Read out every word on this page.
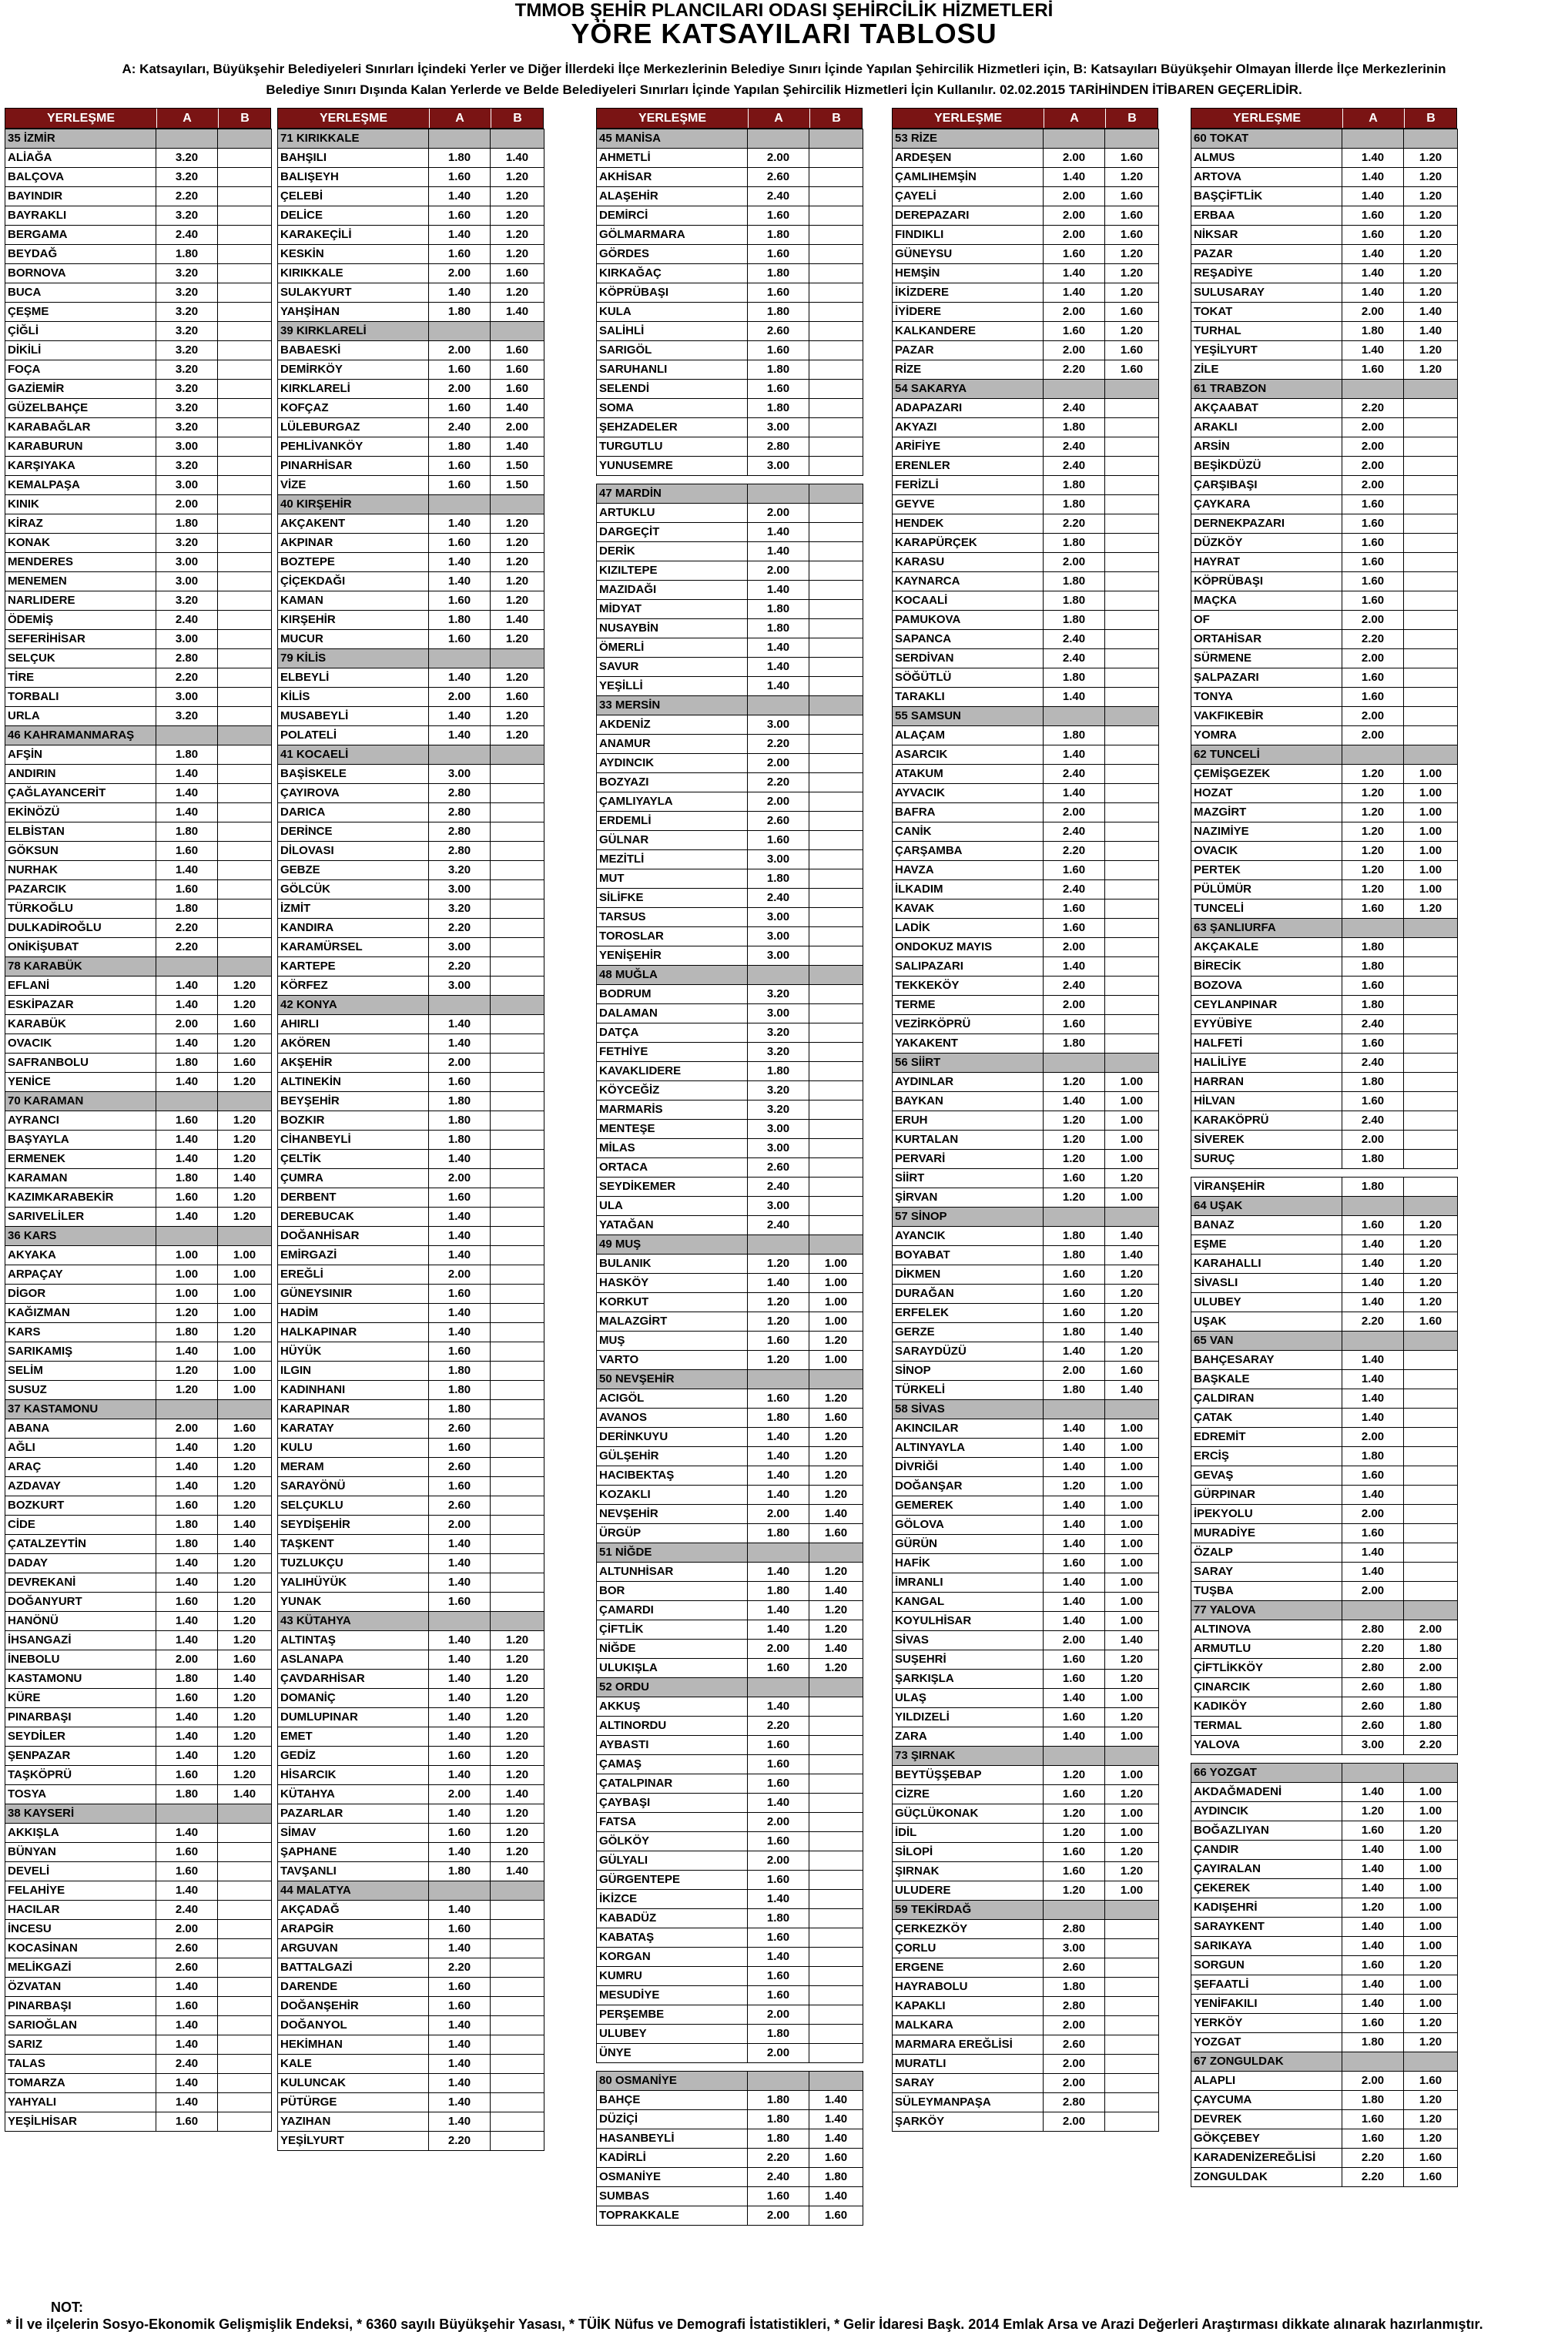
TMMOB ŞEHİR PLANCILARI ODASI ŞEHİRCİLİK HİZMETLERİ
YÖRE KATSAYILARI TABLOSU
A: Katsayıları, Büyükşehir Belediyeleri Sınırları İçindeki Yerler ve Diğer İllerdeki İlçe Merkezlerinin Belediye Sınırı İçinde Yapılan Şehircilik Hizmetleri için, B: Katsayıları Büyükşehir Olmayan İllerde İlçe Merkezlerinin
Belediye Sınırı Dışında Kalan Yerlerde ve Belde Belediyeleri Sınırları İçinde Yapılan Şehircilik Hizmetleri İçin Kullanılır. 02.02.2015 TARİHİNDEN İTİBAREN GEÇERLİDİR.
YERLEŞME	A	B
35 İZMİR		
ALİAĞA	3.20	
BALÇOVA	3.20	
BAYINDIR	2.20	
BAYRAKLI	3.20	
BERGAMA	2.40	
BEYDAĞ	1.80	
BORNOVA	3.20	
BUCA	3.20	
ÇEŞME	3.20	
ÇİĞLİ	3.20	
DİKİLİ	3.20	
FOÇA	3.20	
GAZİEMİR	3.20	
GÜZELBAHÇE	3.20	
KARABAĞLAR	3.20	
KARABURUN	3.00	
KARŞIYAKA	3.20	
KEMALPAŞA	3.00	
KINIK	2.00	
KİRAZ	1.80	
KONAK	3.20	
MENDERES	3.00	
MENEMEN	3.00	
NARLIDERE	3.20	
ÖDEMİŞ	2.40	
SEFERİHİSAR	3.00	
SELÇUK	2.80	
TİRE	2.20	
TORBALI	3.00	
URLA	3.20	
46 KAHRAMANMARAŞ		
AFŞİN	1.80	
ANDIRIN	1.40	
ÇAĞLAYANCERİT	1.40	
EKİNÖZÜ	1.40	
ELBİSTAN	1.80	
GÖKSUN	1.60	
NURHAK	1.40	
PAZARCIK	1.60	
TÜRKOĞLU	1.80	
DULKADİROĞLU	2.20	
ONİKİŞUBAT	2.20	
78 KARABÜK		
EFLANİ	1.40	1.20
ESKİPAZAR	1.40	1.20
KARABÜK	2.00	1.60
OVACIK	1.40	1.20
SAFRANBOLU	1.80	1.60
YENİCE	1.40	1.20
70 KARAMAN		
AYRANCI	1.60	1.20
BAŞYAYLA	1.40	1.20
ERMENEK	1.40	1.20
KARAMAN	1.80	1.40
KAZIMKARABEKİR	1.60	1.20
SARIVELİLER	1.40	1.20
36 KARS		
AKYAKA	1.00	1.00
ARPAÇAY	1.00	1.00
DİGOR	1.00	1.00
KAĞIZMAN	1.20	1.00
KARS	1.80	1.20
SARIKAMIŞ	1.40	1.00
SELİM	1.20	1.00
SUSUZ	1.20	1.00
37 KASTAMONU		
ABANA	2.00	1.60
AĞLI	1.40	1.20
ARAÇ	1.40	1.20
AZDAVAY	1.40	1.20
BOZKURT	1.60	1.20
CİDE	1.80	1.40
ÇATALZEYTİN	1.80	1.40
DADAY	1.40	1.20
DEVREKANİ	1.40	1.20
DOĞANYURT	1.60	1.20
HANÖNÜ	1.40	1.20
İHSANGAZİ	1.40	1.20
İNEBOLU	2.00	1.60
KASTAMONU	1.80	1.40
KÜRE	1.60	1.20
PINARBAŞI	1.40	1.20
SEYDİLER	1.40	1.20
ŞENPAZAR	1.40	1.20
TAŞKÖPRÜ	1.60	1.20
TOSYA	1.80	1.40
38 KAYSERİ		
AKKIŞLA	1.40	
BÜNYAN	1.60	
DEVELİ	1.60	
FELAHİYE	1.40	
HACILAR	2.40	
İNCESU	2.00	
KOCASİNAN	2.60	
MELİKGAZİ	2.60	
ÖZVATAN	1.40	
PINARBAŞI	1.60	
SARIOĞLAN	1.40	
SARIZ	1.40	
TALAS	2.40	
TOMARZA	1.40	
YAHYALI	1.40	
YEŞİLHİSAR	1.60	
YERLEŞME	A	B
71 KIRIKKALE		
BAHŞILI	1.80	1.40
BALIŞEYH	1.60	1.20
ÇELEBİ	1.40	1.20
DELİCE	1.60	1.20
KARAKEÇİLİ	1.40	1.20
KESKİN	1.60	1.20
KIRIKKALE	2.00	1.60
SULAKYURT	1.40	1.20
YAHŞİHAN	1.80	1.40
39 KIRKLARELİ		
BABAESKİ	2.00	1.60
DEMİRKÖY	1.60	1.60
KIRKLARELİ	2.00	1.60
KOFÇAZ	1.60	1.40
LÜLEBURGAZ	2.40	2.00
PEHLİVANKÖY	1.80	1.40
PINARHİSAR	1.60	1.50
VİZE	1.60	1.50
40 KIRŞEHİR		
AKÇAKENT	1.40	1.20
AKPINAR	1.60	1.20
BOZTEPE	1.40	1.20
ÇİÇEKDAĞI	1.40	1.20
KAMAN	1.60	1.20
KIRŞEHİR	1.80	1.40
MUCUR	1.60	1.20
79 KİLİS		
ELBEYLİ	1.40	1.20
KİLİS	2.00	1.60
MUSABEYLİ	1.40	1.20
POLATELİ	1.40	1.20
41 KOCAELİ		
BAŞİSKELE	3.00	
ÇAYIROVA	2.80	
DARICA	2.80	
DERİNCE	2.80	
DİLOVASI	2.80	
GEBZE	3.20	
GÖLCÜK	3.00	
İZMİT	3.20	
KANDIRA	2.20	
KARAMÜRSEL	3.00	
KARTEPE	2.20	
KÖRFEZ	3.00	
42 KONYA		
AHIRLI	1.40	
AKÖREN	1.40	
AKŞEHİR	2.00	
ALTINEKİN	1.60	
BEYŞEHİR	1.80	
BOZKIR	1.80	
CİHANBEYLİ	1.80	
ÇELTİK	1.40	
ÇUMRA	2.00	
DERBENT	1.60	
DEREBUCAK	1.40	
DOĞANHİSAR	1.40	
EMİRGAZİ	1.40	
EREĞLİ	2.00	
GÜNEYSINIR	1.60	
HADİM	1.40	
HALKAPINAR	1.40	
HÜYÜK	1.60	
ILGIN	1.80	
KADINHANI	1.80	
KARAPINAR	1.80	
KARATAY	2.60	
KULU	1.60	
MERAM	2.60	
SARAYÖNÜ	1.60	
SELÇUKLU	2.60	
SEYDİŞEHİR	2.00	
TAŞKENT	1.40	
TUZLUKÇU	1.40	
YALIHÜYÜK	1.40	
YUNAK	1.60	
43 KÜTAHYA		
ALTINTAŞ	1.40	1.20
ASLANAPA	1.40	1.20
ÇAVDARHİSAR	1.40	1.20
DOMANİÇ	1.40	1.20
DUMLUPINAR	1.40	1.20
EMET	1.40	1.20
GEDİZ	1.60	1.20
HİSARCIK	1.40	1.20
KÜTAHYA	2.00	1.40
PAZARLAR	1.40	1.20
SİMAV	1.60	1.20
ŞAPHANE	1.40	1.20
TAVŞANLI	1.80	1.40
44 MALATYA		
AKÇADAĞ	1.40	
ARAPGİR	1.60	
ARGUVAN	1.40	
BATTALGAZİ	2.20	
DARENDE	1.60	
DOĞANŞEHİR	1.60	
DOĞANYOL	1.40	
HEKİMHAN	1.40	
KALE	1.40	
KULUNCAK	1.40	
PÜTÜRGE	1.40	
YAZIHAN	1.40	
YEŞİLYURT	2.20	
YERLEŞME	A	B
45 MANİSA		
AHMETLİ	2.00	
AKHİSAR	2.60	
ALAŞEHİR	2.40	
DEMİRCİ	1.60	
GÖLMARMARA	1.80	
GÖRDES	1.60	
KIRKAĞAÇ	1.80	
KÖPRÜBAŞI	1.60	
KULA	1.80	
SALİHLİ	2.60	
SARIGÖL	1.60	
SARUHANLI	1.80	
SELENDİ	1.60	
SOMA	1.80	
ŞEHZADELER	3.00	
TURGUTLU	2.80	
YUNUSEMRE	3.00	
47 MARDİN		
ARTUKLU	2.00	
DARGEÇİT	1.40	
DERİK	1.40	
KIZILTEPE	2.00	
MAZIDAĞI	1.40	
MİDYAT	1.80	
NUSAYBİN	1.80	
ÖMERLİ	1.40	
SAVUR	1.40	
YEŞİLLİ	1.40	
33 MERSİN		
AKDENİZ	3.00	
ANAMUR	2.20	
AYDINCIK	2.00	
BOZYAZI	2.20	
ÇAMLIYAYLA	2.00	
ERDEMLİ	2.60	
GÜLNAR	1.60	
MEZİTLİ	3.00	
MUT	1.80	
SİLİFKE	2.40	
TARSUS	3.00	
TOROSLAR	3.00	
YENİŞEHİR	3.00	
48 MUĞLA		
BODRUM	3.20	
DALAMAN	3.00	
DATÇA	3.20	
FETHİYE	3.20	
KAVAKLIDERE	1.80	
KÖYCEĞİZ	3.20	
MARMARİS	3.20	
MENTEŞE	3.00	
MİLAS	3.00	
ORTACA	2.60	
SEYDİKEMER	2.40	
ULA	3.00	
YATAĞAN	2.40	
49 MUŞ		
BULANIK	1.20	1.00
HASKÖY	1.40	1.00
KORKUT	1.20	1.00
MALAZGİRT	1.20	1.00
MUŞ	1.60	1.20
VARTO	1.20	1.00
50 NEVŞEHİR		
ACIGÖL	1.60	1.20
AVANOS	1.80	1.60
DERİNKUYU	1.40	1.20
GÜLŞEHİR	1.40	1.20
HACIBEKTAŞ	1.40	1.20
KOZAKLI	1.40	1.20
NEVŞEHİR	2.00	1.40
ÜRGÜP	1.80	1.60
51 NİĞDE		
ALTUNHİSAR	1.40	1.20
BOR	1.80	1.40
ÇAMARDI	1.40	1.20
ÇİFTLİK	1.40	1.20
NİĞDE	2.00	1.40
ULUKIŞLA	1.60	1.20
52 ORDU		
AKKUŞ	1.40	
ALTINORDU	2.20	
AYBASTI	1.60	
ÇAMAŞ	1.60	
ÇATALPINAR	1.60	
ÇAYBAŞI	1.40	
FATSA	2.00	
GÖLKÖY	1.60	
GÜLYALI	2.00	
GÜRGENTEPE	1.60	
İKİZCE	1.40	
KABADÜZ	1.80	
KABATAŞ	1.60	
KORGAN	1.40	
KUMRU	1.60	
MESUDİYE	1.60	
PERŞEMBE	2.00	
ULUBEY	1.80	
ÜNYE	2.00	
80 OSMANİYE		
BAHÇE	1.80	1.40
DÜZİÇİ	1.80	1.40
HASANBEYLİ	1.80	1.40
KADİRLİ	2.20	1.60
OSMANİYE	2.40	1.80
SUMBAS	1.60	1.40
TOPRAKKALE	2.00	1.60
YERLEŞME	A	B
53 RİZE		
ARDEŞEN	2.00	1.60
ÇAMLIHEMŞİN	1.40	1.20
ÇAYELİ	2.00	1.60
DEREPAZARI	2.00	1.60
FINDIKLI	2.00	1.60
GÜNEYSU	1.60	1.20
HEMŞİN	1.40	1.20
İKİZDERE	1.40	1.20
İYİDERE	2.00	1.60
KALKANDERE	1.60	1.20
PAZAR	2.00	1.60
RİZE	2.20	1.60
54 SAKARYA		
ADAPAZARI	2.40	
AKYAZI	1.80	
ARİFİYE	2.40	
ERENLER	2.40	
FERİZLİ	1.80	
GEYVE	1.80	
HENDEK	2.20	
KARAPÜRÇEK	1.80	
KARASU	2.00	
KAYNARCA	1.80	
KOCAALİ	1.80	
PAMUKOVA	1.80	
SAPANCA	2.40	
SERDİVAN	2.40	
SÖĞÜTLÜ	1.80	
TARAKLI	1.40	
55 SAMSUN		
ALAÇAM	1.80	
ASARCIK	1.40	
ATAKUM	2.40	
AYVACIK	1.40	
BAFRA	2.00	
CANİK	2.40	
ÇARŞAMBA	2.20	
HAVZA	1.60	
İLKADIM	2.40	
KAVAK	1.60	
LADİK	1.60	
ONDOKUZ MAYIS	2.00	
SALIPAZARI	1.40	
TEKKEKÖY	2.40	
TERME	2.00	
VEZİRKÖPRÜ	1.60	
YAKAKENT	1.80	
56 SİİRT		
AYDINLAR	1.20	1.00
BAYKAN	1.40	1.00
ERUH	1.20	1.00
KURTALAN	1.20	1.00
PERVARİ	1.20	1.00
SİİRT	1.60	1.20
ŞİRVAN	1.20	1.00
57 SİNOP		
AYANCIK	1.80	1.40
BOYABAT	1.80	1.40
DİKMEN	1.60	1.20
DURAĞAN	1.60	1.20
ERFELEK	1.60	1.20
GERZE	1.80	1.40
SARAYDÜZÜ	1.40	1.20
SİNOP	2.00	1.60
TÜRKELİ	1.80	1.40
58 SİVAS		
AKINCILAR	1.40	1.00
ALTINYAYLA	1.40	1.00
DİVRİĞİ	1.40	1.00
DOĞANŞAR	1.20	1.00
GEMEREK	1.40	1.00
GÖLOVA	1.40	1.00
GÜRÜN	1.40	1.00
HAFİK	1.60	1.00
İMRANLI	1.40	1.00
KANGAL	1.40	1.00
KOYULHİSAR	1.40	1.00
SİVAS	2.00	1.40
SUŞEHRİ	1.60	1.20
ŞARKIŞLA	1.60	1.20
ULAŞ	1.40	1.00
YILDIZELİ	1.60	1.20
ZARA	1.40	1.00
73 ŞIRNAK		
BEYTÜŞŞEBAP	1.20	1.00
CİZRE	1.60	1.20
GÜÇLÜKONAK	1.20	1.00
İDİL	1.20	1.00
SİLOPİ	1.60	1.20
ŞIRNAK	1.60	1.20
ULUDERE	1.20	1.00
59 TEKİRDAĞ		
ÇERKEZKÖY	2.80	
ÇORLU	3.00	
ERGENE	2.60	
HAYRABOLU	1.80	
KAPAKLI	2.80	
MALKARA	2.00	
MARMARA EREĞLİSİ	2.60	
MURATLI	2.00	
SARAY	2.00	
SÜLEYMANPAŞA	2.80	
ŞARKÖY	2.00	
YERLEŞME	A	B
60 TOKAT		
ALMUS	1.40	1.20
ARTOVA	1.40	1.20
BAŞÇİFTLİK	1.40	1.20
ERBAA	1.60	1.20
NİKSAR	1.60	1.20
PAZAR	1.40	1.20
REŞADİYE	1.40	1.20
SULUSARAY	1.40	1.20
TOKAT	2.00	1.40
TURHAL	1.80	1.40
YEŞİLYURT	1.40	1.20
ZİLE	1.60	1.20
61 TRABZON		
AKÇAABAT	2.20	
ARAKLI	2.00	
ARSİN	2.00	
BEŞİKDÜZÜ	2.00	
ÇARŞIBAŞI	2.00	
ÇAYKARA	1.60	
DERNEKPAZARI	1.60	
DÜZKÖY	1.60	
HAYRAT	1.60	
KÖPRÜBAŞI	1.60	
MAÇKA	1.60	
OF	2.00	
ORTAHİSAR	2.20	
SÜRMENE	2.00	
ŞALPAZARI	1.60	
TONYA	1.60	
VAKFIKEBİR	2.00	
YOMRA	2.00	
62 TUNCELİ		
ÇEMİŞGEZEK	1.20	1.00
HOZAT	1.20	1.00
MAZGİRT	1.20	1.00
NAZIMİYE	1.20	1.00
OVACIK	1.20	1.00
PERTEK	1.20	1.00
PÜLÜMÜR	1.20	1.00
TUNCELİ	1.60	1.20
63 ŞANLIURFA		
AKÇAKALE	1.80	
BİRECİK	1.80	
BOZOVA	1.60	
CEYLANPINAR	1.80	
EYYÜBİYE	2.40	
HALFETİ	1.60	
HALİLİYE	2.40	
HARRAN	1.80	
HİLVAN	1.60	
KARAKÖPRÜ	2.40	
SİVEREK	2.00	
SURUÇ	1.80	
VİRANŞEHİR	1.80	
64 UŞAK		
BANAZ	1.60	1.20
EŞME	1.40	1.20
KARAHALLI	1.40	1.20
SİVASLI	1.40	1.20
ULUBEY	1.40	1.20
UŞAK	2.20	1.60
65 VAN		
BAHÇESARAY	1.40	
BAŞKALE	1.40	
ÇALDIRAN	1.40	
ÇATAK	1.40	
EDREMİT	2.00	
ERCİŞ	1.80	
GEVAŞ	1.60	
GÜRPINAR	1.40	
İPEKYOLU	2.00	
MURADİYE	1.60	
ÖZALP	1.40	
SARAY	1.40	
TUŞBA	2.00	
77 YALOVA		
ALTINOVA	2.80	2.00
ARMUTLU	2.20	1.80
ÇİFTLİKKÖY	2.80	2.00
ÇINARCIK	2.60	1.80
KADIKÖY	2.60	1.80
TERMAL	2.60	1.80
YALOVA	3.00	2.20
66 YOZGAT		
AKDAĞMADENİ	1.40	1.00
AYDINCIK	1.20	1.00
BOĞAZLIYAN	1.60	1.20
ÇANDIR	1.40	1.00
ÇAYIRALAN	1.40	1.00
ÇEKEREK	1.40	1.00
KADIŞEHRİ	1.20	1.00
SARAYKENT	1.40	1.00
SARIKAYA	1.40	1.00
SORGUN	1.60	1.20
ŞEFAATLİ	1.40	1.00
YENİFAKILI	1.40	1.00
YERKÖY	1.60	1.20
YOZGAT	1.80	1.20
67 ZONGULDAK		
ALAPLI	2.00	1.60
ÇAYCUMA	1.80	1.20
DEVREK	1.60	1.20
GÖKÇEBEY	1.60	1.20
KARADENİZEREĞLİSİ	2.20	1.60
ZONGULDAK	2.20	1.60
NOT:
* İl ve ilçelerin Sosyo-Ekonomik Gelişmişlik Endeksi, * 6360 sayılı Büyükşehir Yasası, * TÜİK Nüfus ve Demografi İstatistikleri, * Gelir İdaresi Başk. 2014 Emlak Arsa ve Arazi Değerleri Araştırması dikkate alınarak hazırlanmıştır.
